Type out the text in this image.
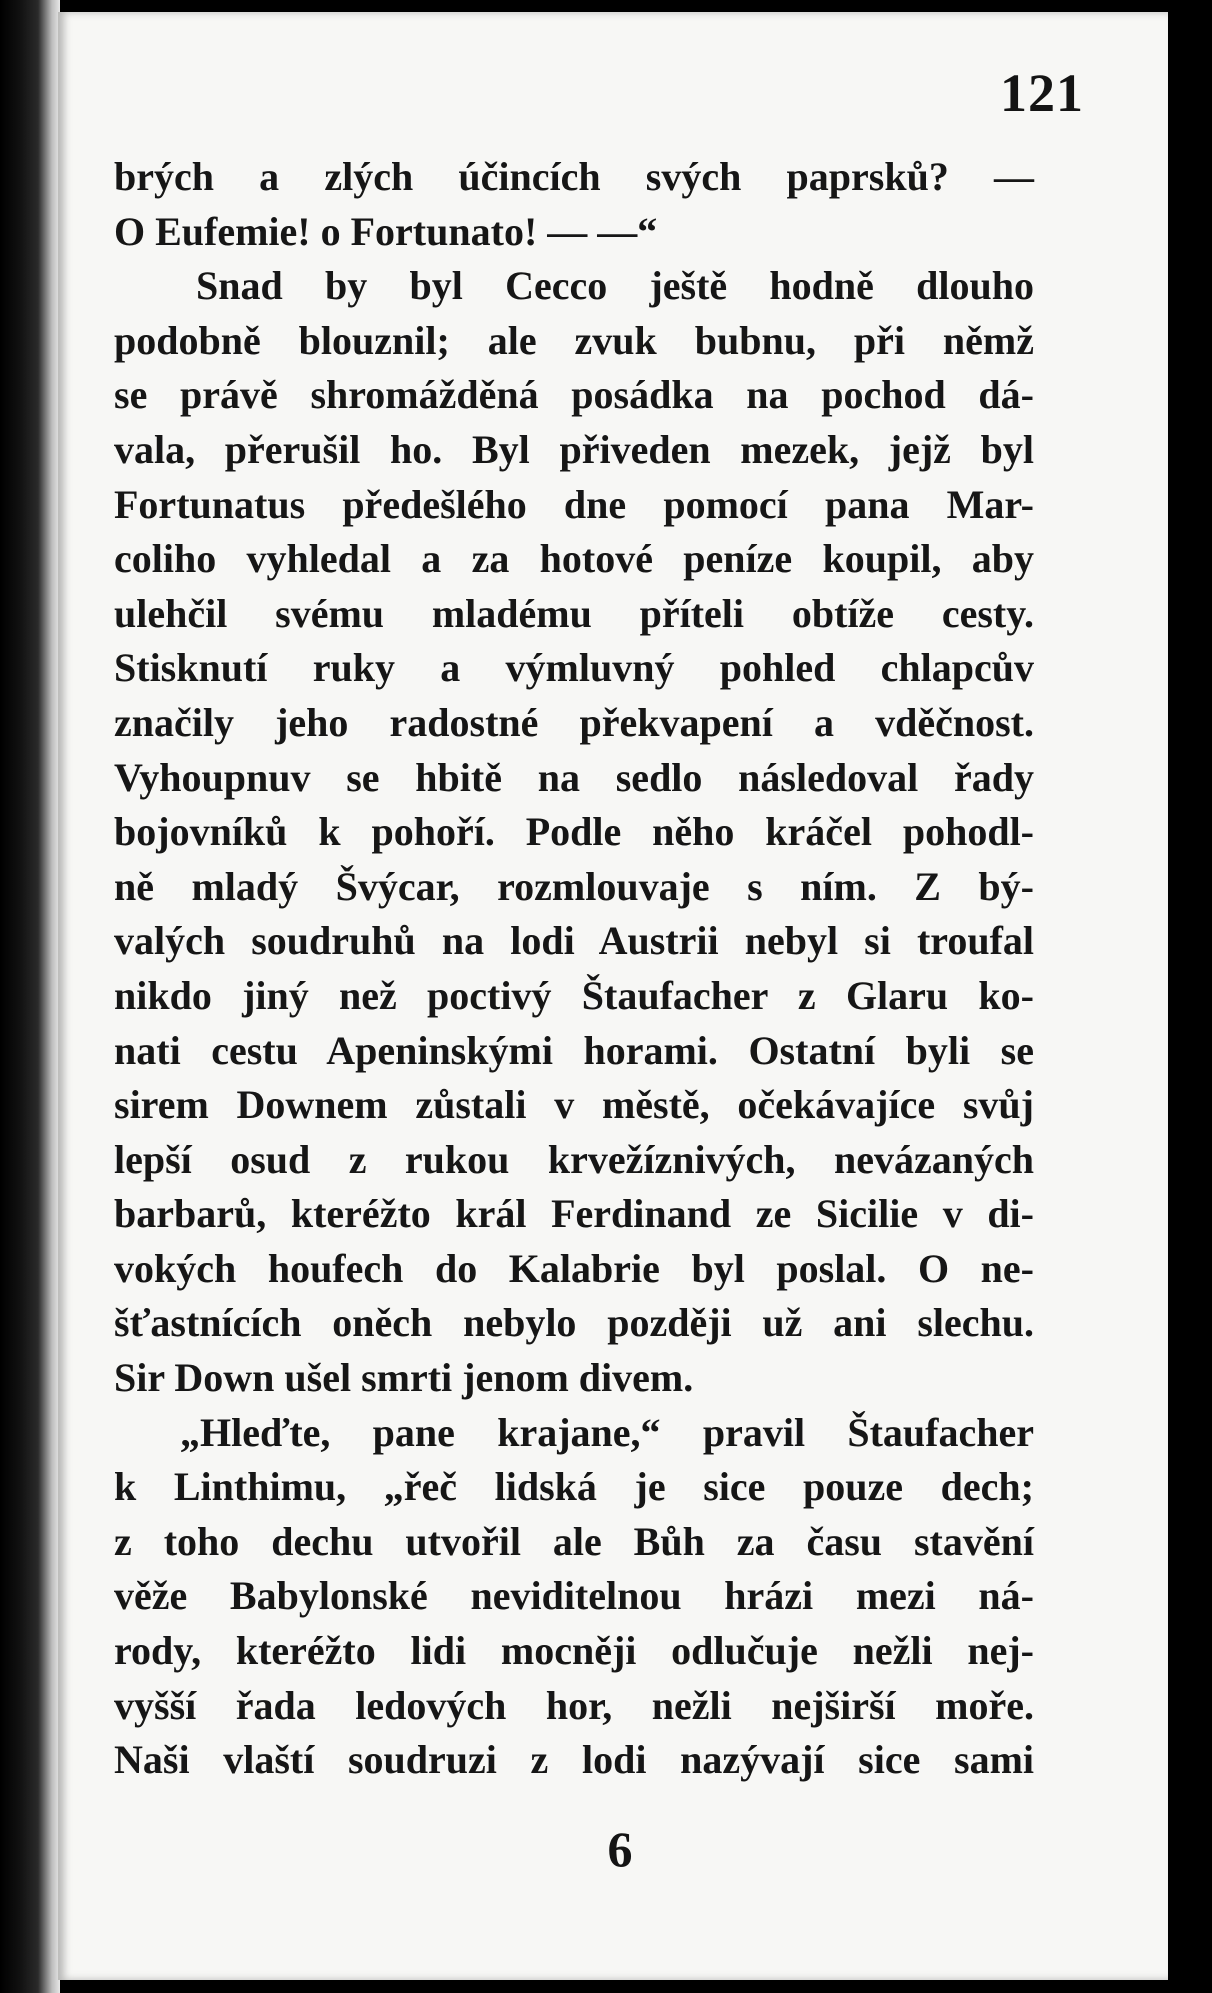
121
brých a zlých účincích svých paprsků? —
O Eufemie! o Fortunato! — —“
Snad by byl Cecco ještě hodně dlouho
podobně blouznil; ale zvuk bubnu, při němž
se právě shromážděná posádka na pochod dá-
vala, přerušil ho. Byl přiveden mezek, jejž byl
Fortunatus předešlého dne pomocí pana Mar-
coliho vyhledal a za hotové peníze koupil, aby
ulehčil svému mladému příteli obtíže cesty.
Stisknutí ruky a výmluvný pohled chlapcův
značily jeho radostné překvapení a vděčnost.
Vyhoupnuv se hbitě na sedlo následoval řady
bojovníků k pohoří. Podle něho kráčel pohodl-
ně mladý Švýcar, rozmlouvaje s ním. Z bý-
valých soudruhů na lodi Austrii nebyl si troufal
nikdo jiný než poctivý Štaufacher z Glaru ko-
nati cestu Apeninskými horami. Ostatní byli se
sirem Downem zůstali v městě, očekávajíce svůj
lepší osud z rukou krvežíznivých, nevázaných
barbarů, kteréžto král Ferdinand ze Sicilie v di-
vokých houfech do Kalabrie byl poslal. O ne-
šťastnících oněch nebylo později už ani slechu.
Sir Down ušel smrti jenom divem.
„Hleďte, pane krajane,“ pravil Štaufacher
k Linthimu, „řeč lidská je sice pouze dech;
z toho dechu utvořil ale Bůh za času stavění
věže Babylonské neviditelnou hrázi mezi ná-
rody, kteréžto lidi mocněji odlučuje nežli nej-
vyšší řada ledových hor, nežli nejširší moře.
Naši vlaští soudruzi z lodi nazývají sice sami
6
